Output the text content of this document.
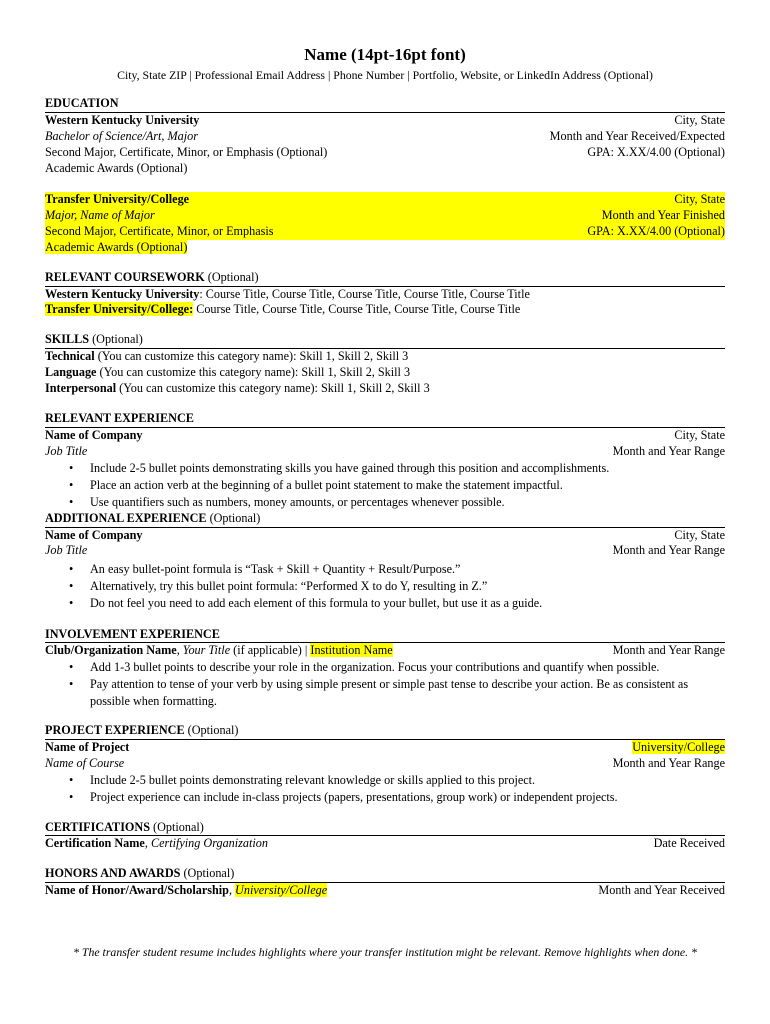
Name (14pt-16pt font)
City, State ZIP | Professional Email Address | Phone Number | Portfolio, Website, or LinkedIn Address (Optional)
EDUCATION
Western Kentucky University	City, State
Bachelor of Science/Art, Major	Month and Year Received/Expected
Second Major, Certificate, Minor, or Emphasis (Optional)	GPA: X.XX/4.00 (Optional)
Academic Awards (Optional)
Transfer University/College	City, State
Major, Name of Major	Month and Year Finished
Second Major, Certificate, Minor, or Emphasis	GPA: X.XX/4.00 (Optional)
Academic Awards (Optional)
RELEVANT COURSEWORK (Optional)
Western Kentucky University: Course Title, Course Title, Course Title, Course Title, Course Title
Transfer University/College: Course Title, Course Title, Course Title, Course Title, Course Title
SKILLS (Optional)
Technical (You can customize this category name): Skill 1, Skill 2, Skill 3
Language (You can customize this category name): Skill 1, Skill 2, Skill 3
Interpersonal (You can customize this category name): Skill 1, Skill 2, Skill 3
RELEVANT EXPERIENCE
Name of Company	City, State
Job Title	Month and Year Range
• Include 2-5 bullet points demonstrating skills you have gained through this position and accomplishments.
• Place an action verb at the beginning of a bullet point statement to make the statement impactful.
• Use quantifiers such as numbers, money amounts, or percentages whenever possible.
ADDITIONAL EXPERIENCE (Optional)
Name of Company	City, State
Job Title	Month and Year Range
• An easy bullet-point formula is “Task + Skill + Quantity + Result/Purpose.”
• Alternatively, try this bullet point formula: “Performed X to do Y, resulting in Z.”
• Do not feel you need to add each element of this formula to your bullet, but use it as a guide.
INVOLVEMENT EXPERIENCE
Club/Organization Name, Your Title (if applicable) | Institution Name	Month and Year Range
• Add 1-3 bullet points to describe your role in the organization. Focus your contributions and quantify when possible.
• Pay attention to tense of your verb by using simple present or simple past tense to describe your action. Be as consistent as possible when formatting.
PROJECT EXPERIENCE (Optional)
Name of Project	University/College
Name of Course	Month and Year Range
• Include 2-5 bullet points demonstrating relevant knowledge or skills applied to this project.
• Project experience can include in-class projects (papers, presentations, group work) or independent projects.
CERTIFICATIONS (Optional)
Certification Name, Certifying Organization	Date Received
HONORS AND AWARDS (Optional)
Name of Honor/Award/Scholarship, University/College	Month and Year Received
* The transfer student resume includes highlights where your transfer institution might be relevant. Remove highlights when done. *
